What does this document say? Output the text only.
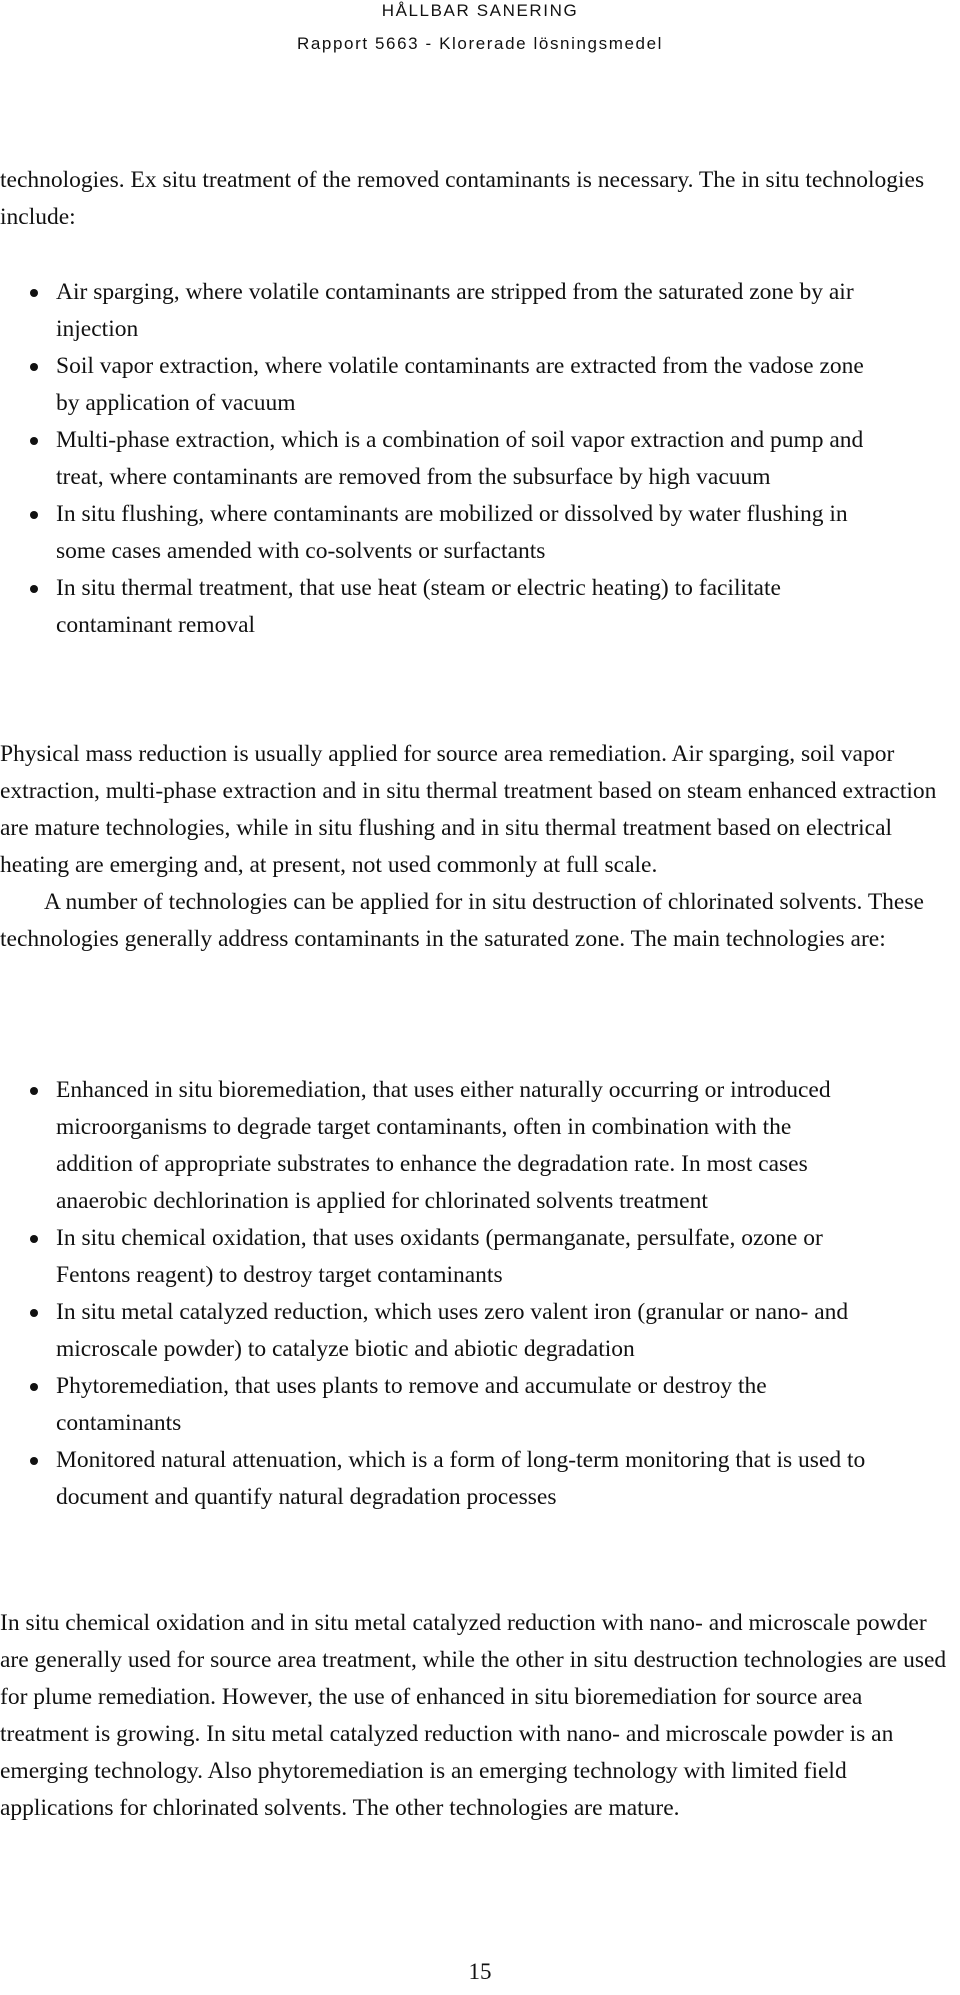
HÅLLBAR SANERING
Rapport 5663 - Klorerade lösningsmedel

technologies. Ex situ treatment of the removed contaminants is necessary. The in situ technologies include:

Air sparging, where volatile contaminants are stripped from the saturated zone by air injection
Soil vapor extraction, where volatile contaminants are extracted from the vadose zone by application of vacuum
Multi-phase extraction, which is a combination of soil vapor extraction and pump and treat, where contaminants are removed from the subsurface by high vacuum
In situ flushing, where contaminants are mobilized or dissolved by water flushing in some cases amended with co-solvents or surfactants
In situ thermal treatment, that use heat (steam or electric heating) to facilitate contaminant removal

Physical mass reduction is usually applied for source area remediation. Air sparging, soil vapor extraction, multi-phase extraction and in situ thermal treatment based on steam enhanced extraction are mature technologies, while in situ flushing and in situ thermal treatment based on electrical heating are emerging and, at present, not used commonly at full scale.

A number of technologies can be applied for in situ destruction of chlorinated solvents. These technologies generally address contaminants in the saturated zone. The main technologies are:

Enhanced in situ bioremediation, that uses either naturally occurring or introduced microorganisms to degrade target contaminants, often in combination with the addition of appropriate substrates to enhance the degradation rate. In most cases anaerobic dechlorination is applied for chlorinated solvents treatment
In situ chemical oxidation, that uses oxidants (permanganate, persulfate, ozone or Fentons reagent) to destroy target contaminants
In situ metal catalyzed reduction, which uses zero valent iron (granular or nano- and microscale powder) to catalyze biotic and abiotic degradation
Phytoremediation, that uses plants to remove and accumulate or destroy the contaminants
Monitored natural attenuation, which is a form of long-term monitoring that is used to document and quantify natural degradation processes

In situ chemical oxidation and in situ metal catalyzed reduction with nano- and microscale powder are generally used for source area treatment, while the other in situ destruction technologies are used for plume remediation. However, the use of enhanced in situ bioremediation for source area treatment is growing. In situ metal catalyzed reduction with nano- and microscale powder is an emerging technology. Also phytoremediation is an emerging technology with limited field applications for chlorinated solvents. The other technologies are mature.

15
